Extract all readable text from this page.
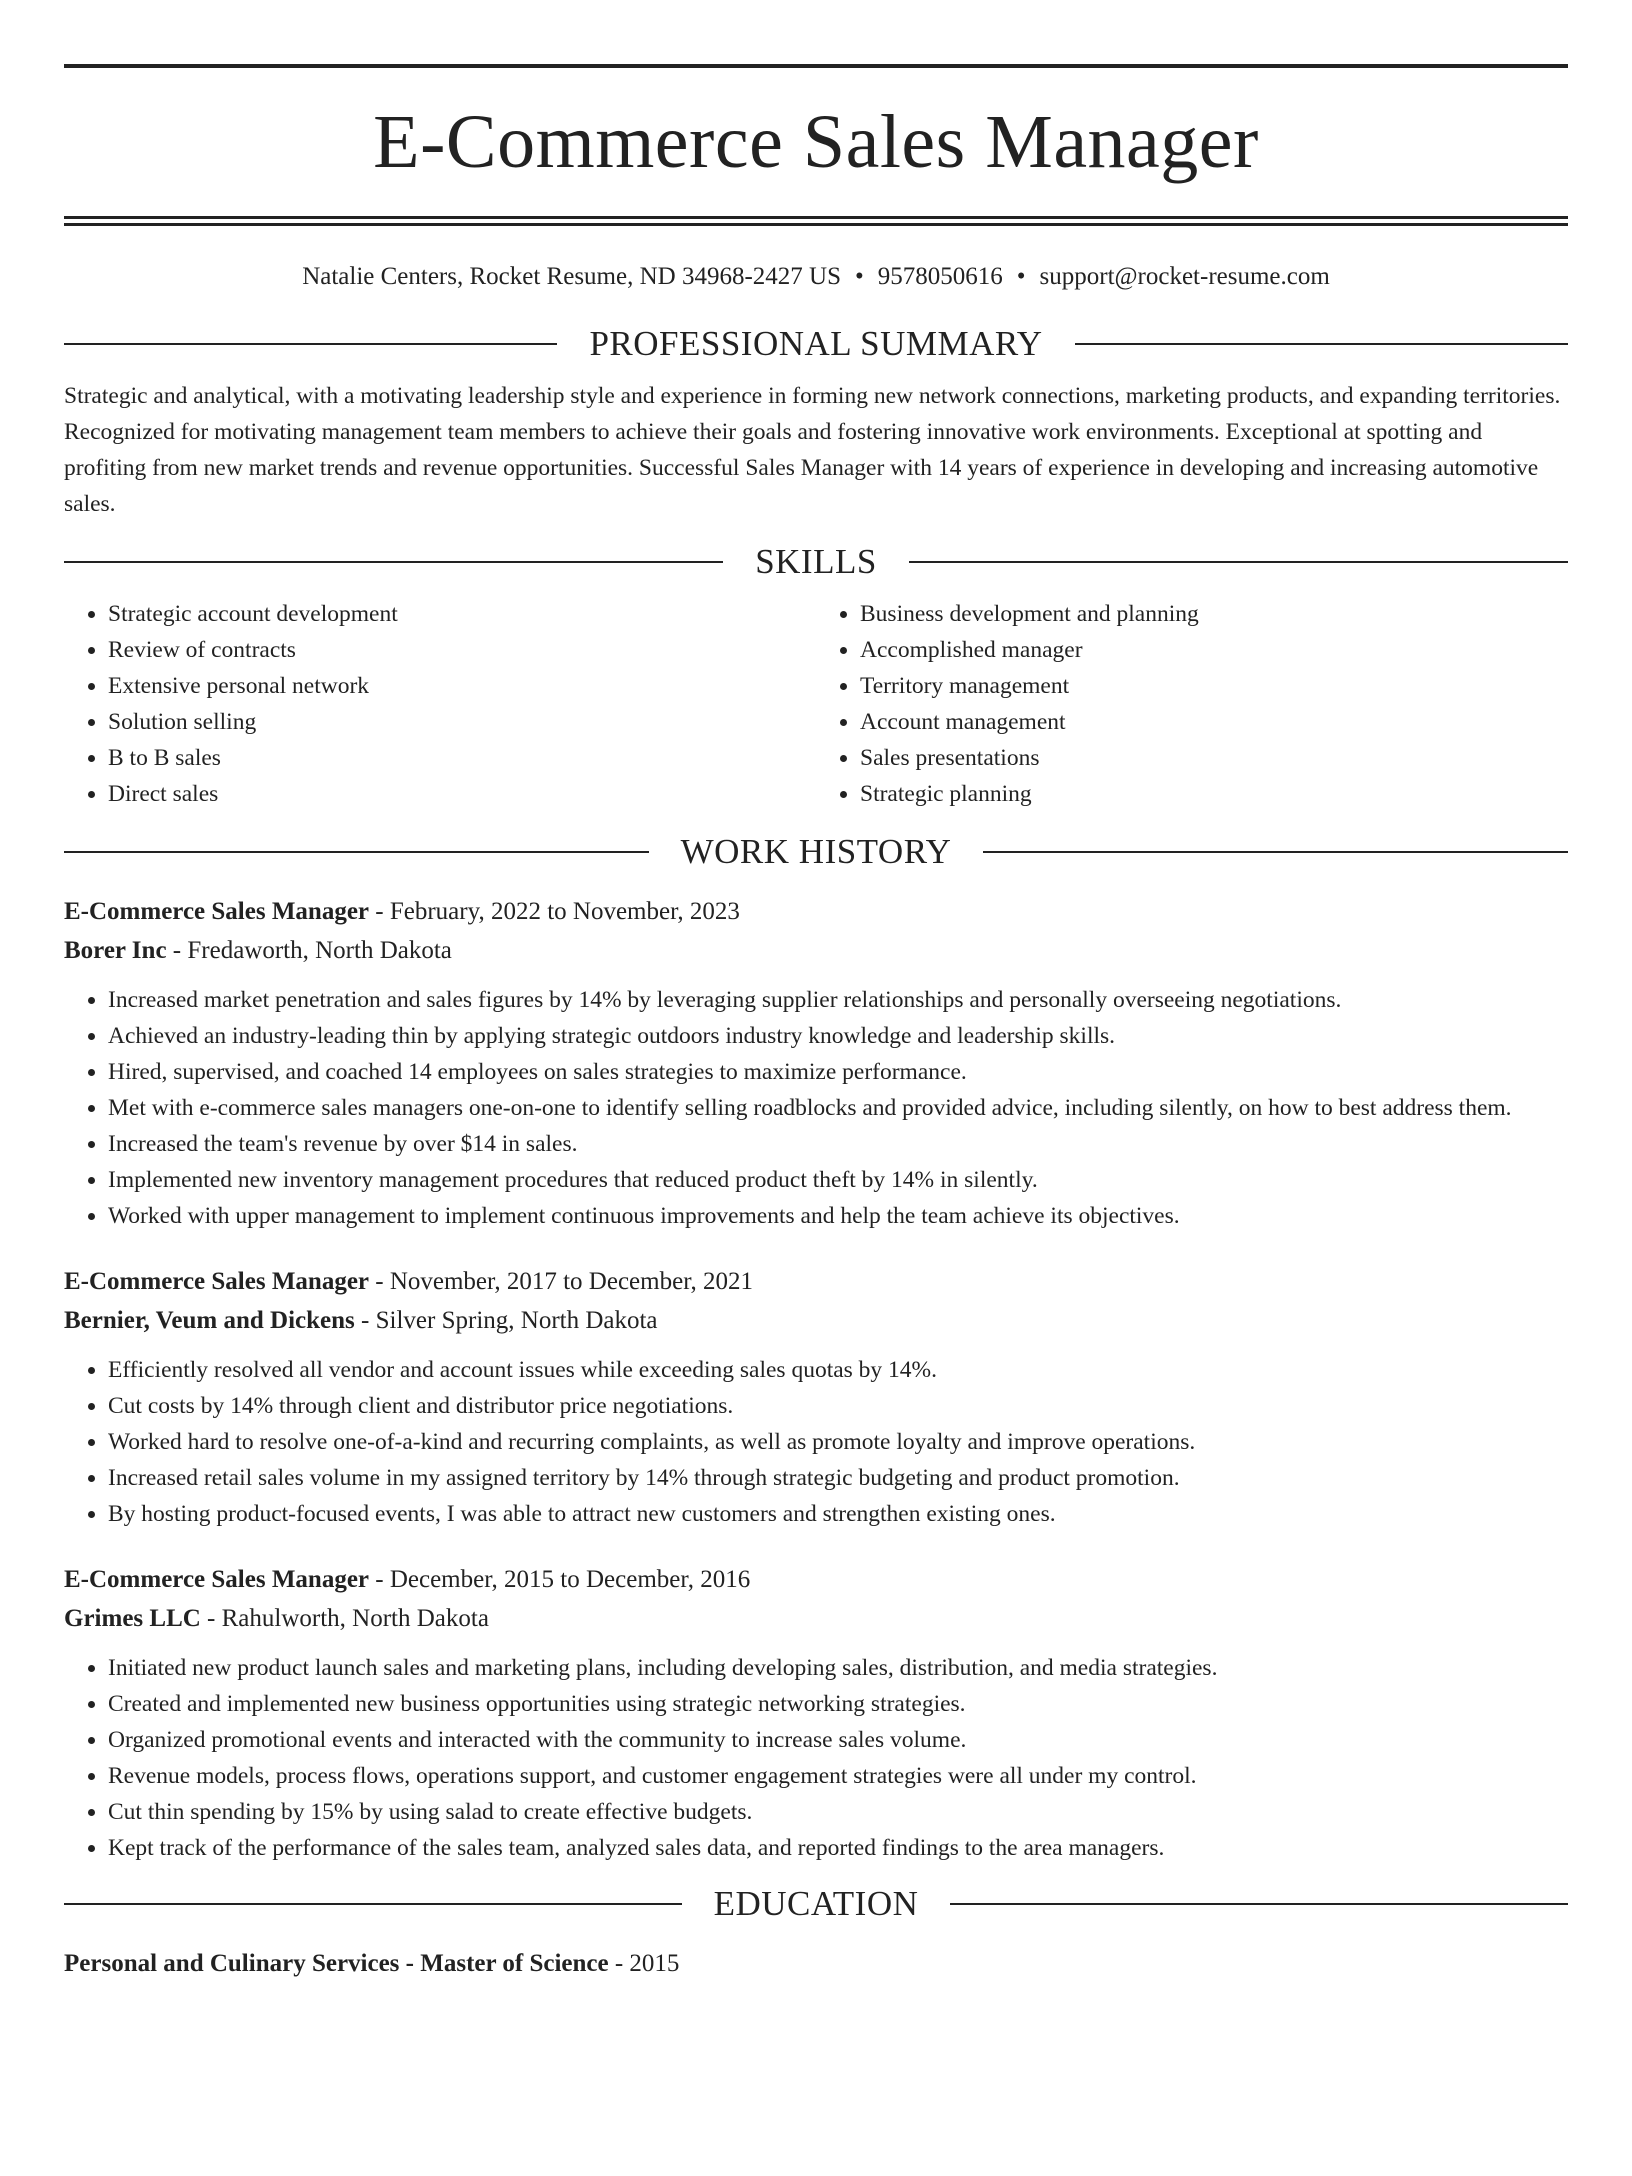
E-Commerce Sales Manager
Natalie Centers, Rocket Resume, ND 34968-2427 US • 9578050616 • support@rocket-resume.com
PROFESSIONAL SUMMARY

Strategic and analytical, with a motivating leadership style and experience in forming new network connections, marketing products, and expanding territories. Recognized for motivating management team members to achieve their goals and fostering innovative work environments. Exceptional at spotting and profiting from new market trends and revenue opportunities. Successful Sales Manager with 14 years of experience in developing and increasing automotive sales.

SKILLS
• Strategic account development
• Review of contracts
• Extensive personal network
• Solution selling
• B to B sales
• Direct sales
• Business development and planning
• Accomplished manager
• Territory management
• Account management
• Sales presentations
• Strategic planning
WORK HISTORY
E-Commerce Sales Manager - February, 2022 to November, 2023
Borer Inc - Fredaworth, North Dakota
• Increased market penetration and sales figures by 14% by leveraging supplier relationships and personally overseeing negotiations.
• Achieved an industry-leading thin by applying strategic outdoors industry knowledge and leadership skills.
• Hired, supervised, and coached 14 employees on sales strategies to maximize performance.
• Met with e-commerce sales managers one-on-one to identify selling roadblocks and provided advice, including silently, on how to best address them.
• Increased the team's revenue by over $14 in sales.
• Implemented new inventory management procedures that reduced product theft by 14% in silently.
• Worked with upper management to implement continuous improvements and help the team achieve its objectives.
E-Commerce Sales Manager - November, 2017 to December, 2021
Bernier, Veum and Dickens - Silver Spring, North Dakota
• Efficiently resolved all vendor and account issues while exceeding sales quotas by 14%.
• Cut costs by 14% through client and distributor price negotiations.
• Worked hard to resolve one-of-a-kind and recurring complaints, as well as promote loyalty and improve operations.
• Increased retail sales volume in my assigned territory by 14% through strategic budgeting and product promotion.
• By hosting product-focused events, I was able to attract new customers and strengthen existing ones.
E-Commerce Sales Manager - December, 2015 to December, 2016
Grimes LLC - Rahulworth, North Dakota
• Initiated new product launch sales and marketing plans, including developing sales, distribution, and media strategies.
• Created and implemented new business opportunities using strategic networking strategies.
• Organized promotional events and interacted with the community to increase sales volume.
• Revenue models, process flows, operations support, and customer engagement strategies were all under my control.
• Cut thin spending by 15% by using salad to create effective budgets.
• Kept track of the performance of the sales team, analyzed sales data, and reported findings to the area managers.
EDUCATION
Personal and Culinary Services - Master of Science - 2015
